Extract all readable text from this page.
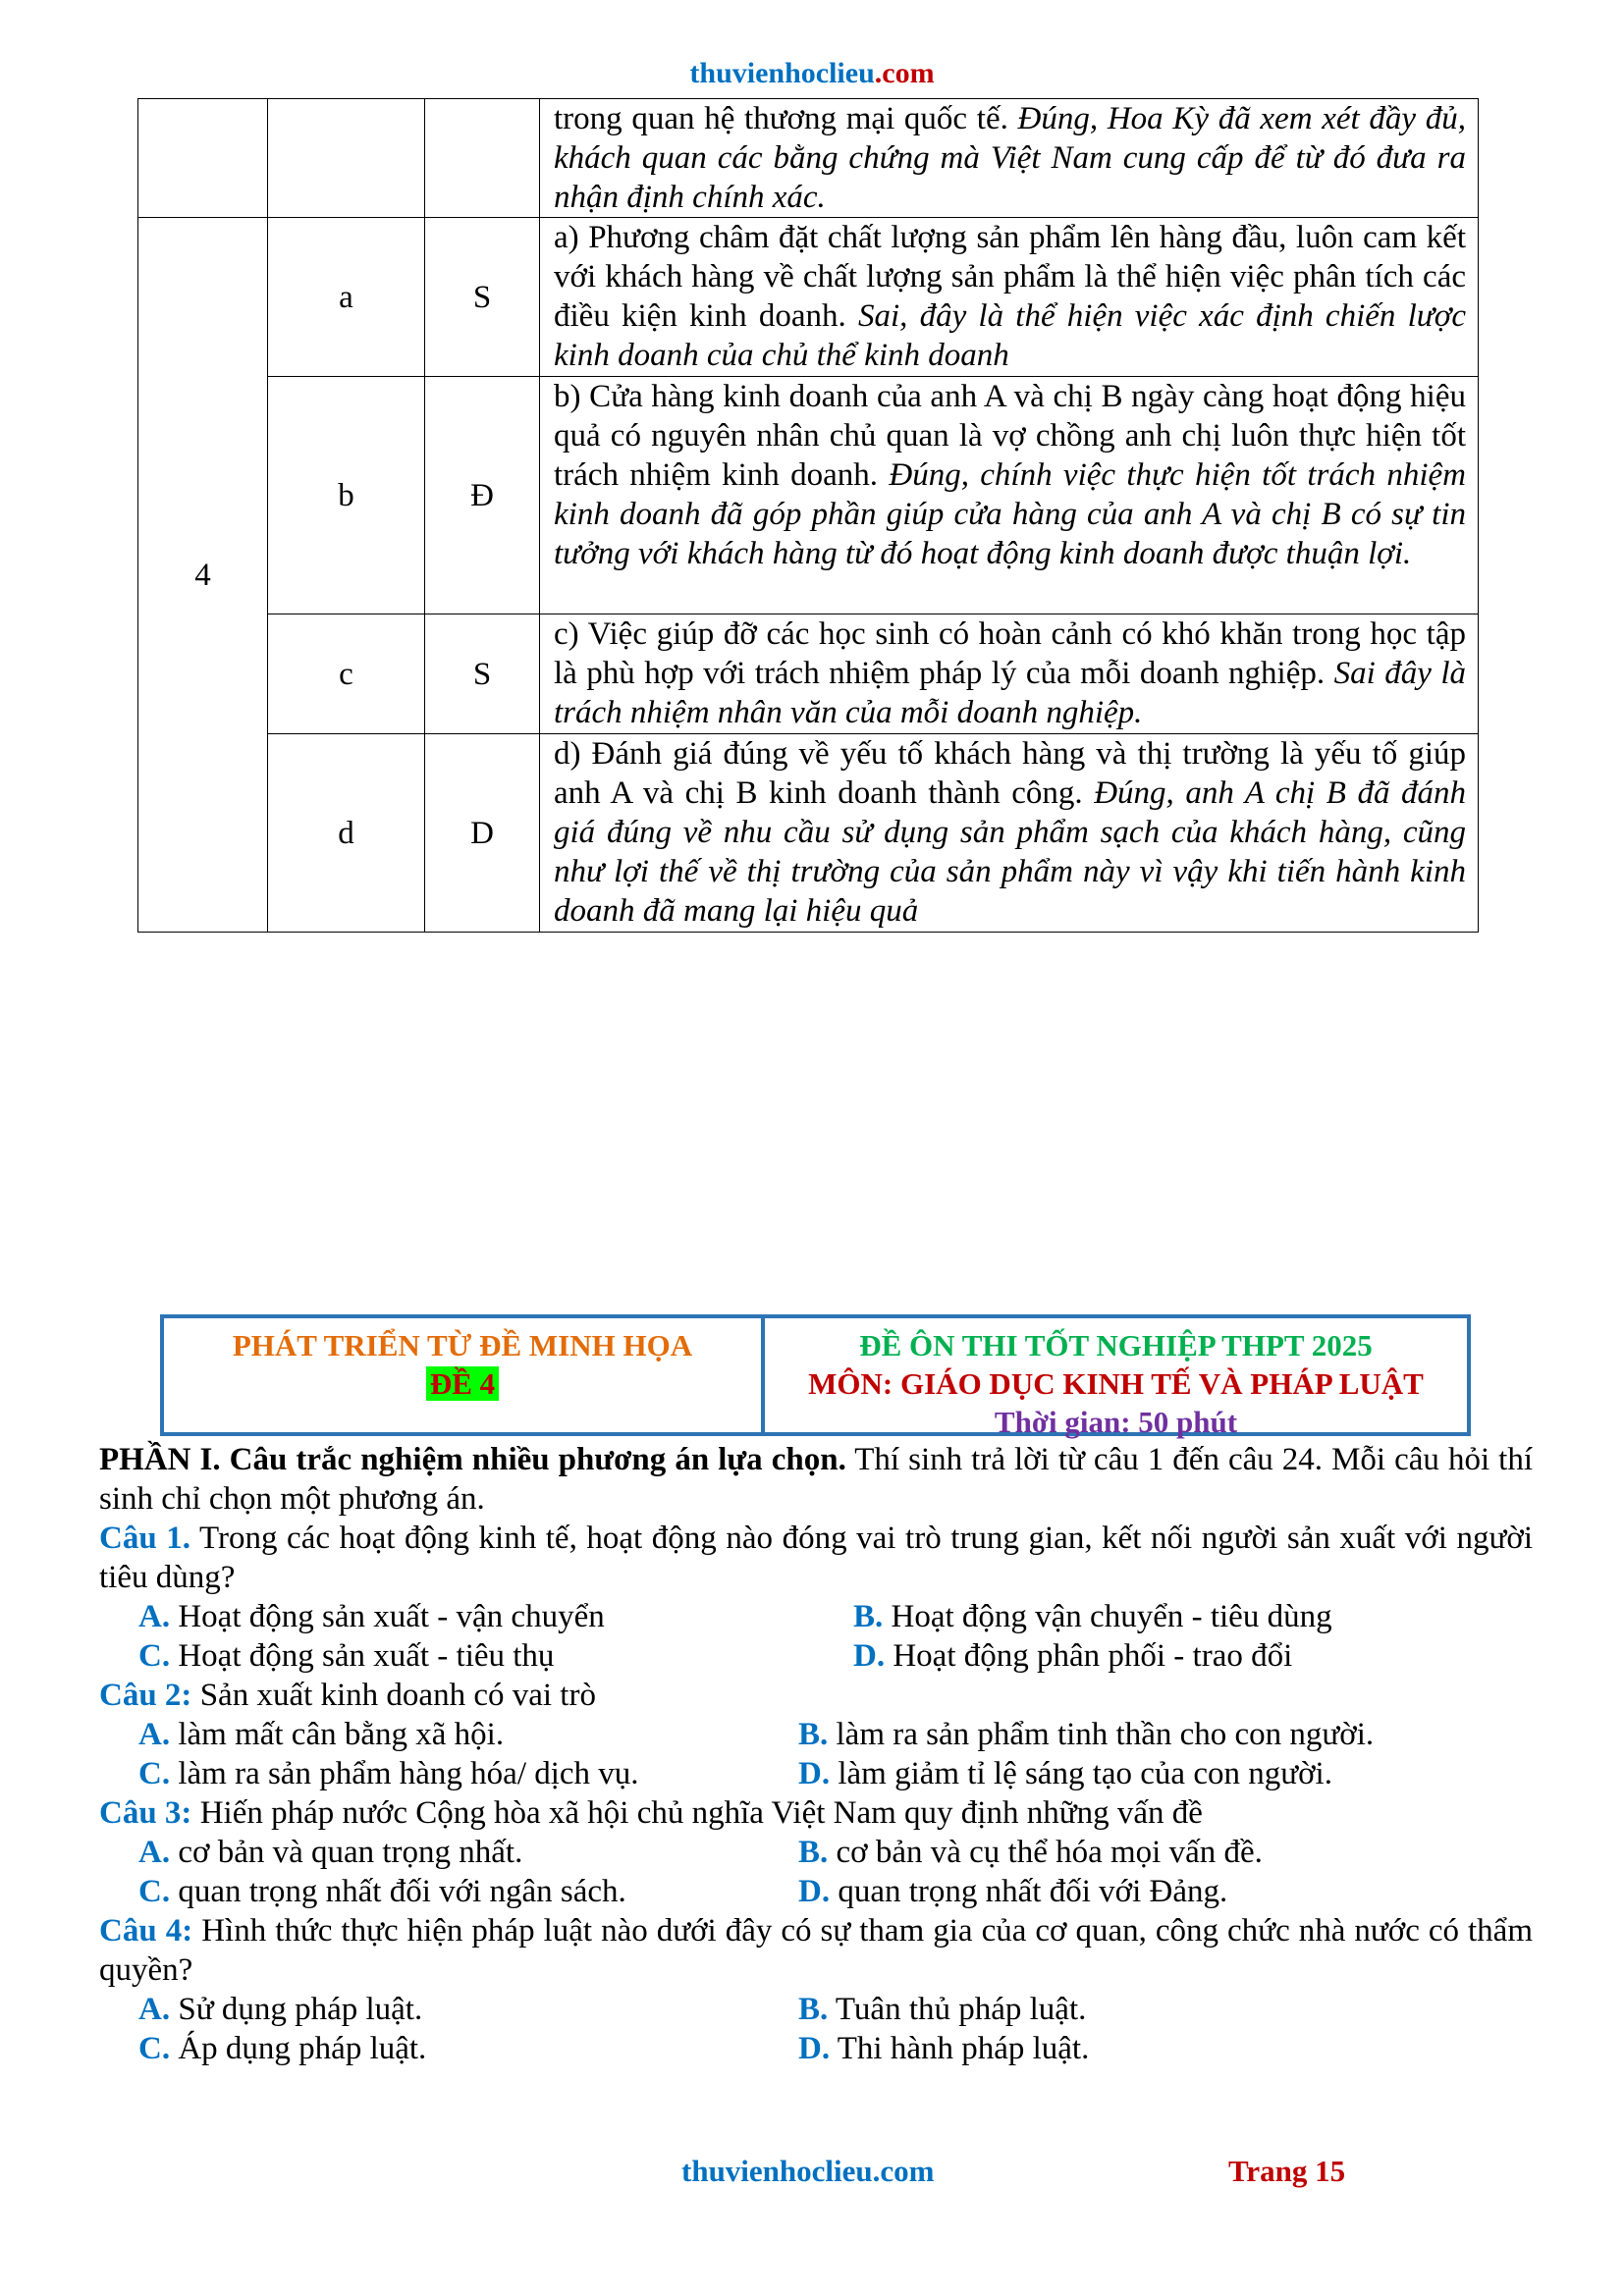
thuvienhoclieu.com
			trong quan hệ thương mại quốc tế. Đúng, Hoa Kỳ đã xem xét đầy đủ, khách quan các bằng chứng mà Việt Nam cung cấp để từ đó đưa ra nhận định chính xác.
4	a	S	a) Phương châm đặt chất lượng sản phẩm lên hàng đầu, luôn cam kết với khách hàng về chất lượng sản phẩm là thể hiện việc phân tích các điều kiện kinh doanh. Sai, đây là thể hiện việc xác định chiến lược kinh doanh của chủ thể kinh doanh
	b	Đ	b) Cửa hàng kinh doanh của anh A và chị B ngày càng hoạt động hiệu quả có nguyên nhân chủ quan là vợ chồng anh chị luôn thực hiện tốt trách nhiệm kinh doanh. Đúng, chính việc thực hiện tốt trách nhiệm kinh doanh đã góp phần giúp cửa hàng của anh A và chị B có sự tin tưởng với khách hàng từ đó hoạt động kinh doanh được thuận lợi.
	c	S	c) Việc giúp đỡ các học sinh có hoàn cảnh có khó khăn trong học tập là phù hợp với trách nhiệm pháp lý của mỗi doanh nghiệp. Sai đây là trách nhiệm nhân văn của mỗi doanh nghiệp.
	d	D	d) Đánh giá đúng về yếu tố khách hàng và thị trường là yếu tố giúp anh A và chị B kinh doanh thành công. Đúng, anh A chị B đã đánh giá đúng về nhu cầu sử dụng sản phẩm sạch của khách hàng, cũng như lợi thế về thị trường của sản phẩm này vì vậy khi tiến hành kinh doanh đã mang lại hiệu quả
PHÁT TRIỂN TỪ ĐỀ MINH HỌA
ĐỀ 4
ĐỀ ÔN THI TỐT NGHIỆP THPT 2025
MÔN: GIÁO DỤC KINH TẾ VÀ PHÁP LUẬT
Thời gian: 50 phút
PHẦN I. Câu trắc nghiệm nhiều phương án lựa chọn. Thí sinh trả lời từ câu 1 đến câu 24. Mỗi câu hỏi thí sinh chỉ chọn một phương án.
Câu 1. Trong các hoạt động kinh tế, hoạt động nào đóng vai trò trung gian, kết nối người sản xuất với người tiêu dùng?
A. Hoạt động sản xuất - vận chuyển	B. Hoạt động vận chuyển - tiêu dùng
C. Hoạt động sản xuất - tiêu thụ	D. Hoạt động phân phối - trao đổi
Câu 2: Sản xuất kinh doanh có vai trò
A. làm mất cân bằng xã hội.	B. làm ra sản phẩm tinh thần cho con người.
C. làm ra sản phẩm hàng hóa/ dịch vụ.	D. làm giảm tỉ lệ sáng tạo của con người.
Câu 3: Hiến pháp nước Cộng hòa xã hội chủ nghĩa Việt Nam quy định những vấn đề
A. cơ bản và quan trọng nhất.	B. cơ bản và cụ thể hóa mọi vấn đề.
C. quan trọng nhất đối với ngân sách.	D. quan trọng nhất đối với Đảng.
Câu 4: Hình thức thực hiện pháp luật nào dưới đây có sự tham gia của cơ quan, công chức nhà nước có thẩm quyền?
A. Sử dụng pháp luật.	B. Tuân thủ pháp luật.
C. Áp dụng pháp luật.	D. Thi hành pháp luật.
thuvienhoclieu.com	Trang 15
